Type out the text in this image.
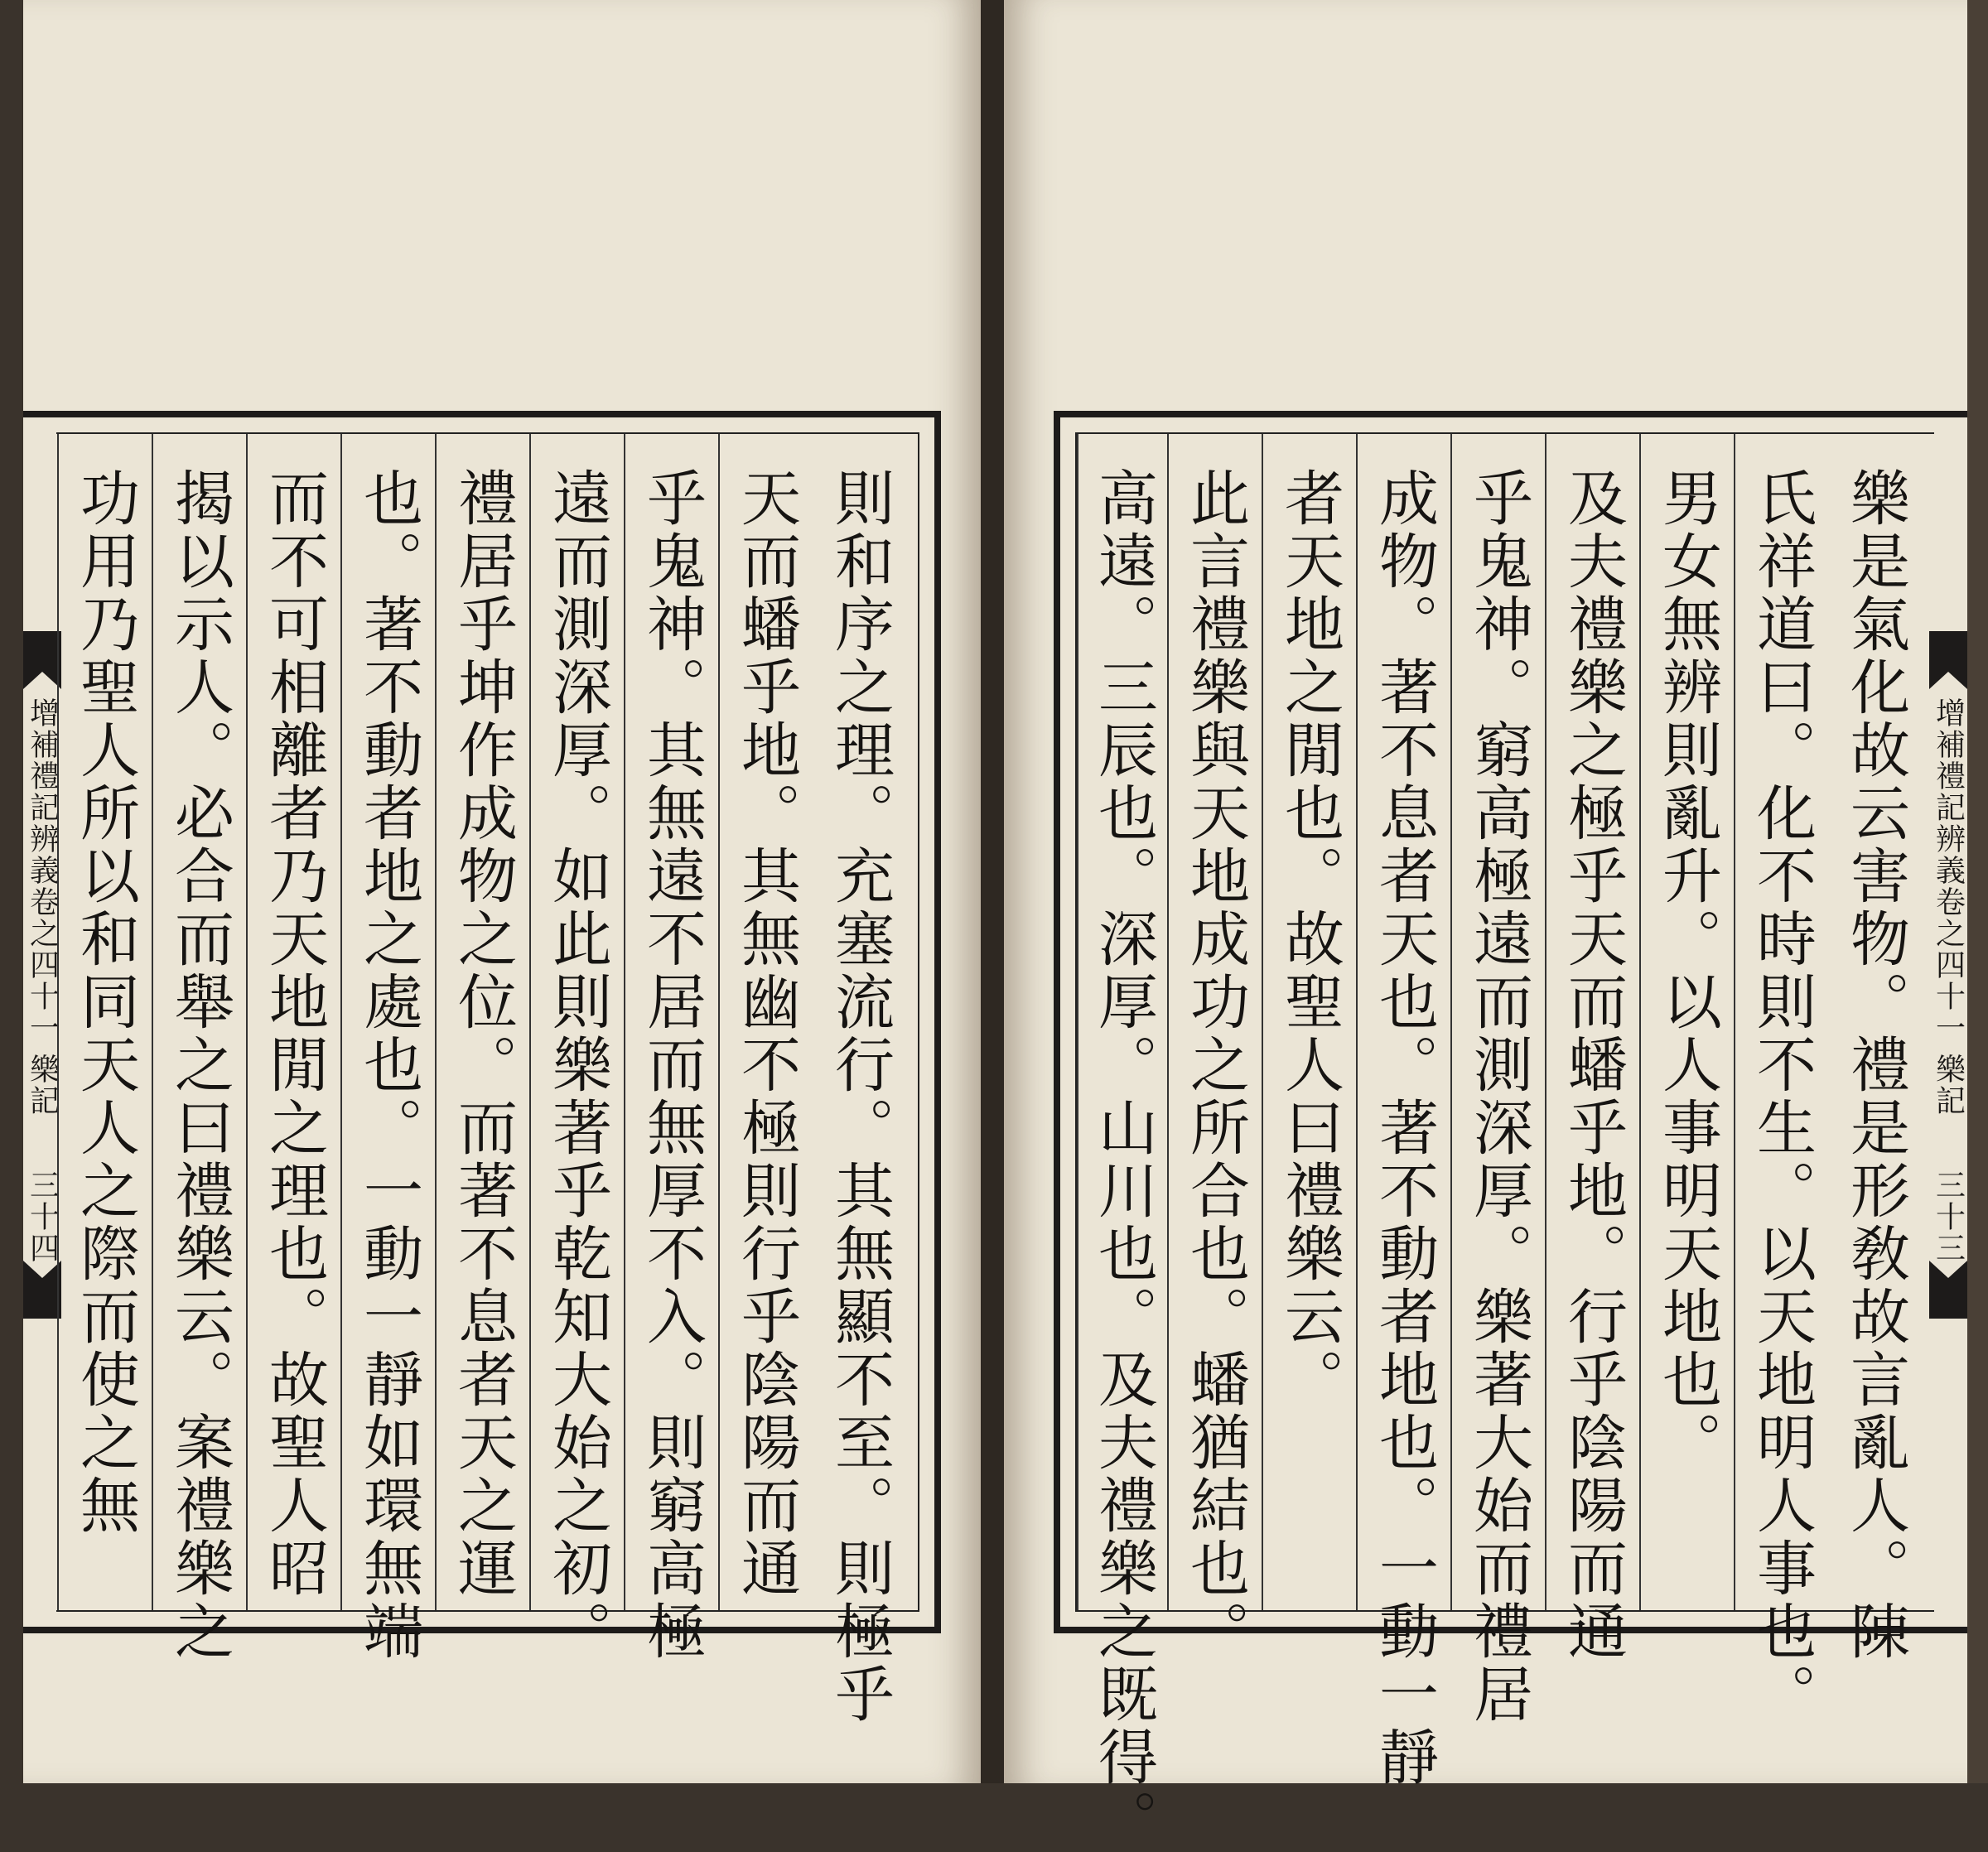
增補禮記辨義卷之四十一
樂記
三十四	則和序之理。充塞流行。其無顯不至。則極乎
天而蟠乎地。其無幽不極則行乎陰陽而通
乎鬼神。其無遠不居而無厚不入。則窮高極
遠而測深厚。如此則樂著乎乾知大始之初。
禮居乎坤作成物之位。而著不息者天之運
也。著不動者地之處也。一動一靜如環無端
而不可相離者乃天地閒之理也。故聖人昭
揭以示人。必合而舉之曰禮樂云。案禮樂之
功用乃聖人所以和同天人之際而使之無	樂是氣化故云害物。禮是形敎故言亂人。陳
氏祥道曰。化不時則不生。以天地明人事也。
男女無辨則亂升。以人事明天地也。
及夫禮樂之極乎天而蟠乎地。行乎陰陽而通
乎鬼神。窮高極遠而測深厚。樂著大始而禮居
成物。著不息者天也。著不動者地也。一動一靜
者天地之閒也。故聖人曰禮樂云。
此言禮樂與天地成功之所合也。蟠猶結也。
高遠。三辰也。深厚。山川也。及夫禮樂之既得。	增補禮記辨義卷之四十一
樂記
三十三
